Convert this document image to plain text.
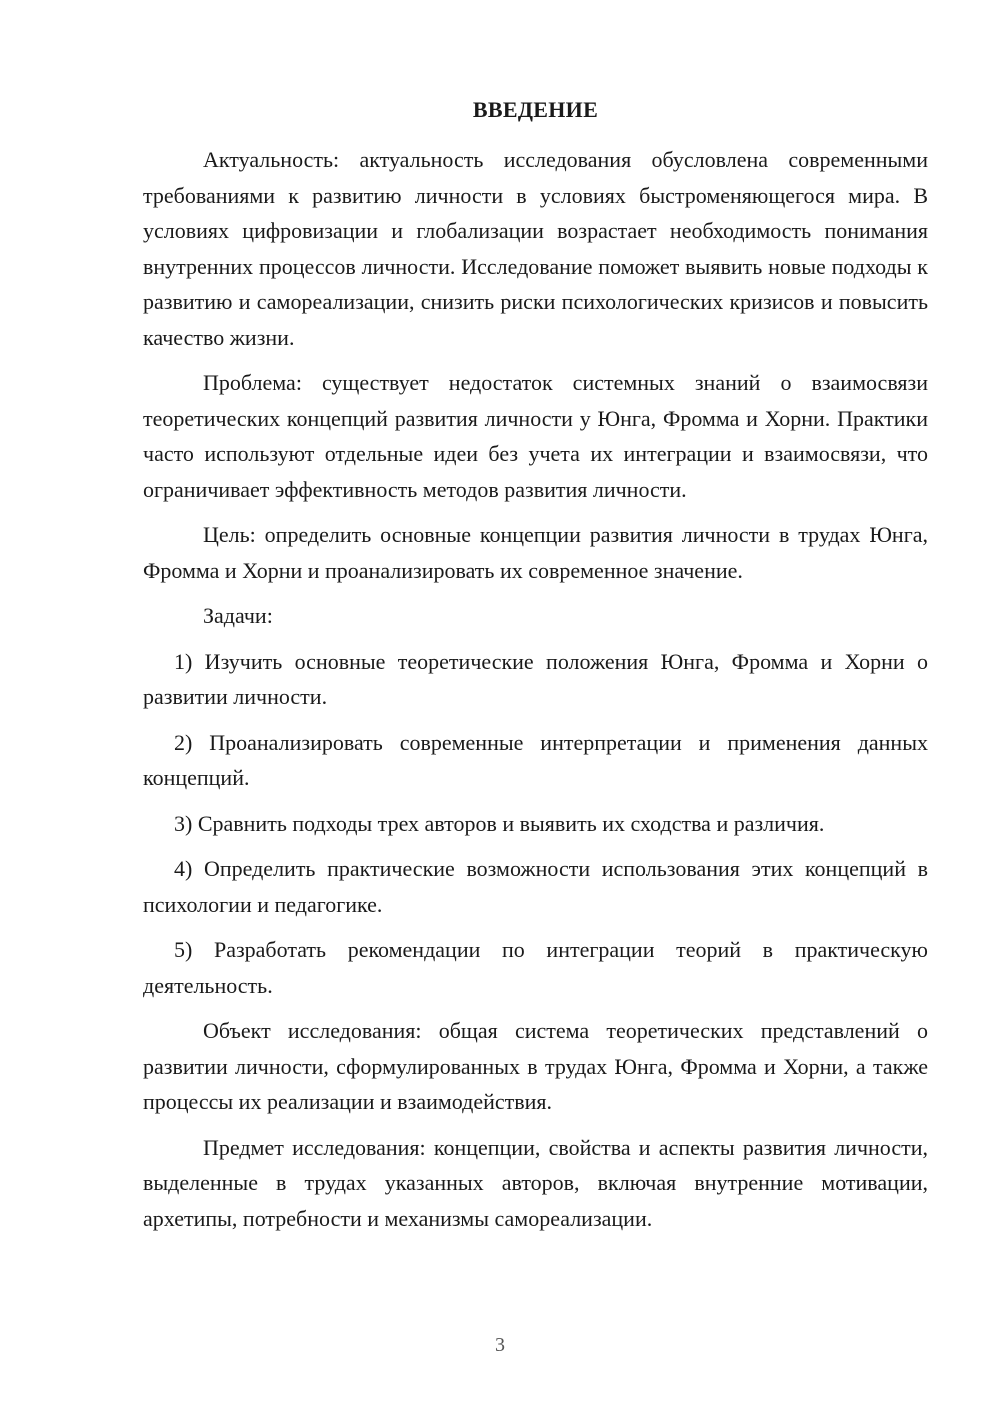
ВВЕДЕНИЕ

Актуальность: актуальность исследования обусловлена современными требованиями к развитию личности в условиях быстроменяющегося мира. В условиях цифровизации и глобализации возрастает необходимость понимания внутренних процессов личности. Исследование поможет выявить новые подходы к развитию и самореализации, снизить риски психологических кризисов и повысить качество жизни.

Проблема: существует недостаток системных знаний о взаимосвязи теоретических концепций развития личности у Юнга, Фромма и Хорни. Практики часто используют отдельные идеи без учета их интеграции и взаимосвязи, что ограничивает эффективность методов развития личности.

Цель: определить основные концепции развития личности в трудах Юнга, Фромма и Хорни и проанализировать их современное значение.

Задачи:

1) Изучить основные теоретические положения Юнга, Фромма и Хорни о развитии личности.

2) Проанализировать современные интерпретации и применения данных концепций.

3) Сравнить подходы трех авторов и выявить их сходства и различия.

4) Определить практические возможности использования этих концепций в психологии и педагогике.

5) Разработать рекомендации по интеграции теорий в практическую деятельность.

Объект исследования: общая система теоретических представлений о развитии личности, сформулированных в трудах Юнга, Фромма и Хорни, а также процессы их реализации и взаимодействия.

Предмет исследования: концепции, свойства и аспекты развития личности, выделенные в трудах указанных авторов, включая внутренние мотивации, архетипы, потребности и механизмы самореализации.

3
